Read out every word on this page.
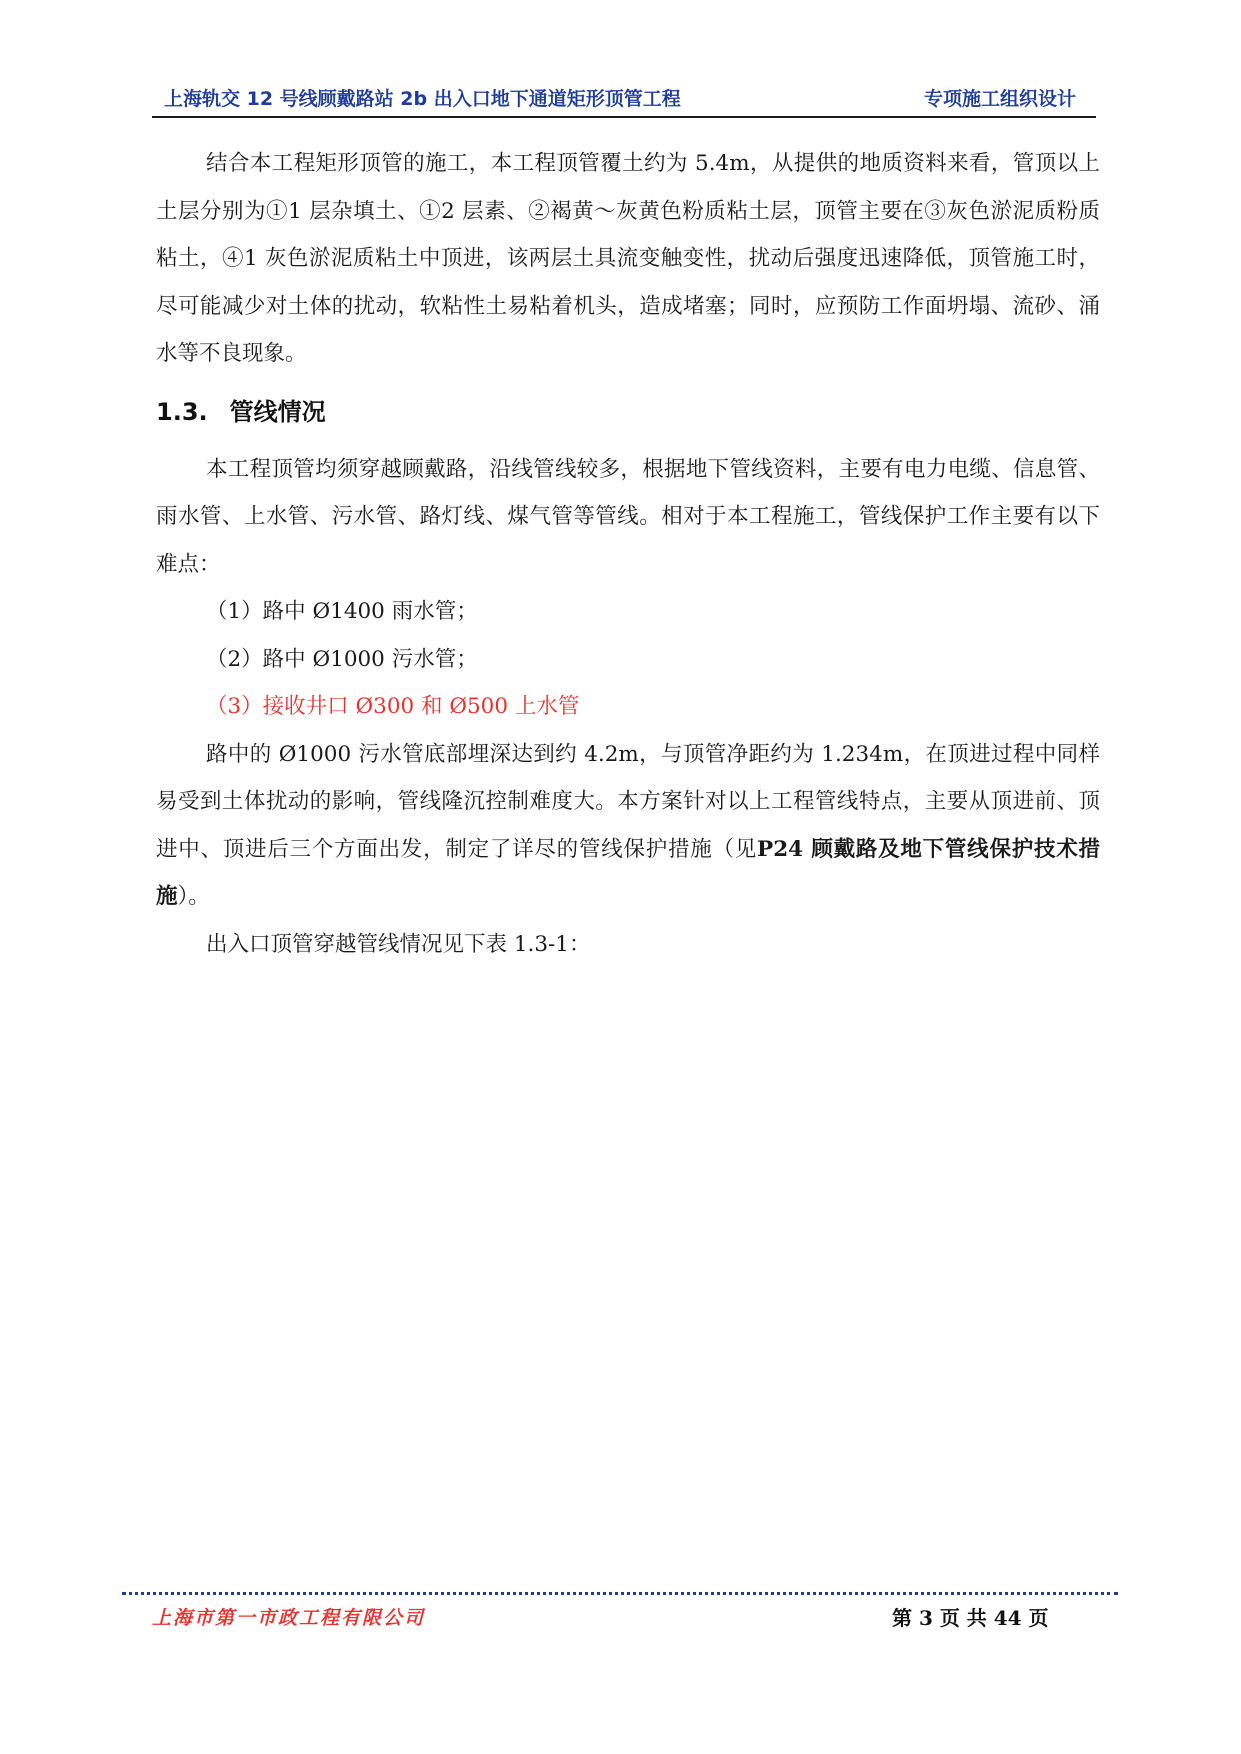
上海轨交 12 号线顾戴路站 2b 出入口地下通道矩形顶管工程	专项施工组织设计

结合本工程矩形顶管的施工，本工程顶管覆土约为 5.4m，从提供的地质资料来看，管顶以上土层分别为①1 层杂填土、①2 层素、②褐黄～灰黄色粉质粘土层，顶管主要在③灰色淤泥质粉质粘土，④1 灰色淤泥质粘土中顶进，该两层土具流变触变性，扰动后强度迅速降低，顶管施工时，尽可能减少对土体的扰动，软粘性土易粘着机头，造成堵塞；同时，应预防工作面坍塌、流砂、涌水等不良现象。

1.3. 管线情况

本工程顶管均须穿越顾戴路，沿线管线较多，根据地下管线资料，主要有电力电缆、信息管、雨水管、上水管、污水管、路灯线、煤气管等管线。相对于本工程施工，管线保护工作主要有以下难点：

（1）路中 Ø1400 雨水管；

（2）路中 Ø1000 污水管；

（3）接收井口 Ø300 和 Ø500 上水管

路中的 Ø1000 污水管底部埋深达到约 4.2m，与顶管净距约为 1.234m，在顶进过程中同样易受到土体扰动的影响，管线隆沉控制难度大。本方案针对以上工程管线特点，主要从顶进前、顶进中、顶进后三个方面出发，制定了详尽的管线保护措施（见P24 顾戴路及地下管线保护技术措施）。

出入口顶管穿越管线情况见下表 1.3-1：

上海市第一市政工程有限公司	第 3 页 共 44 页
